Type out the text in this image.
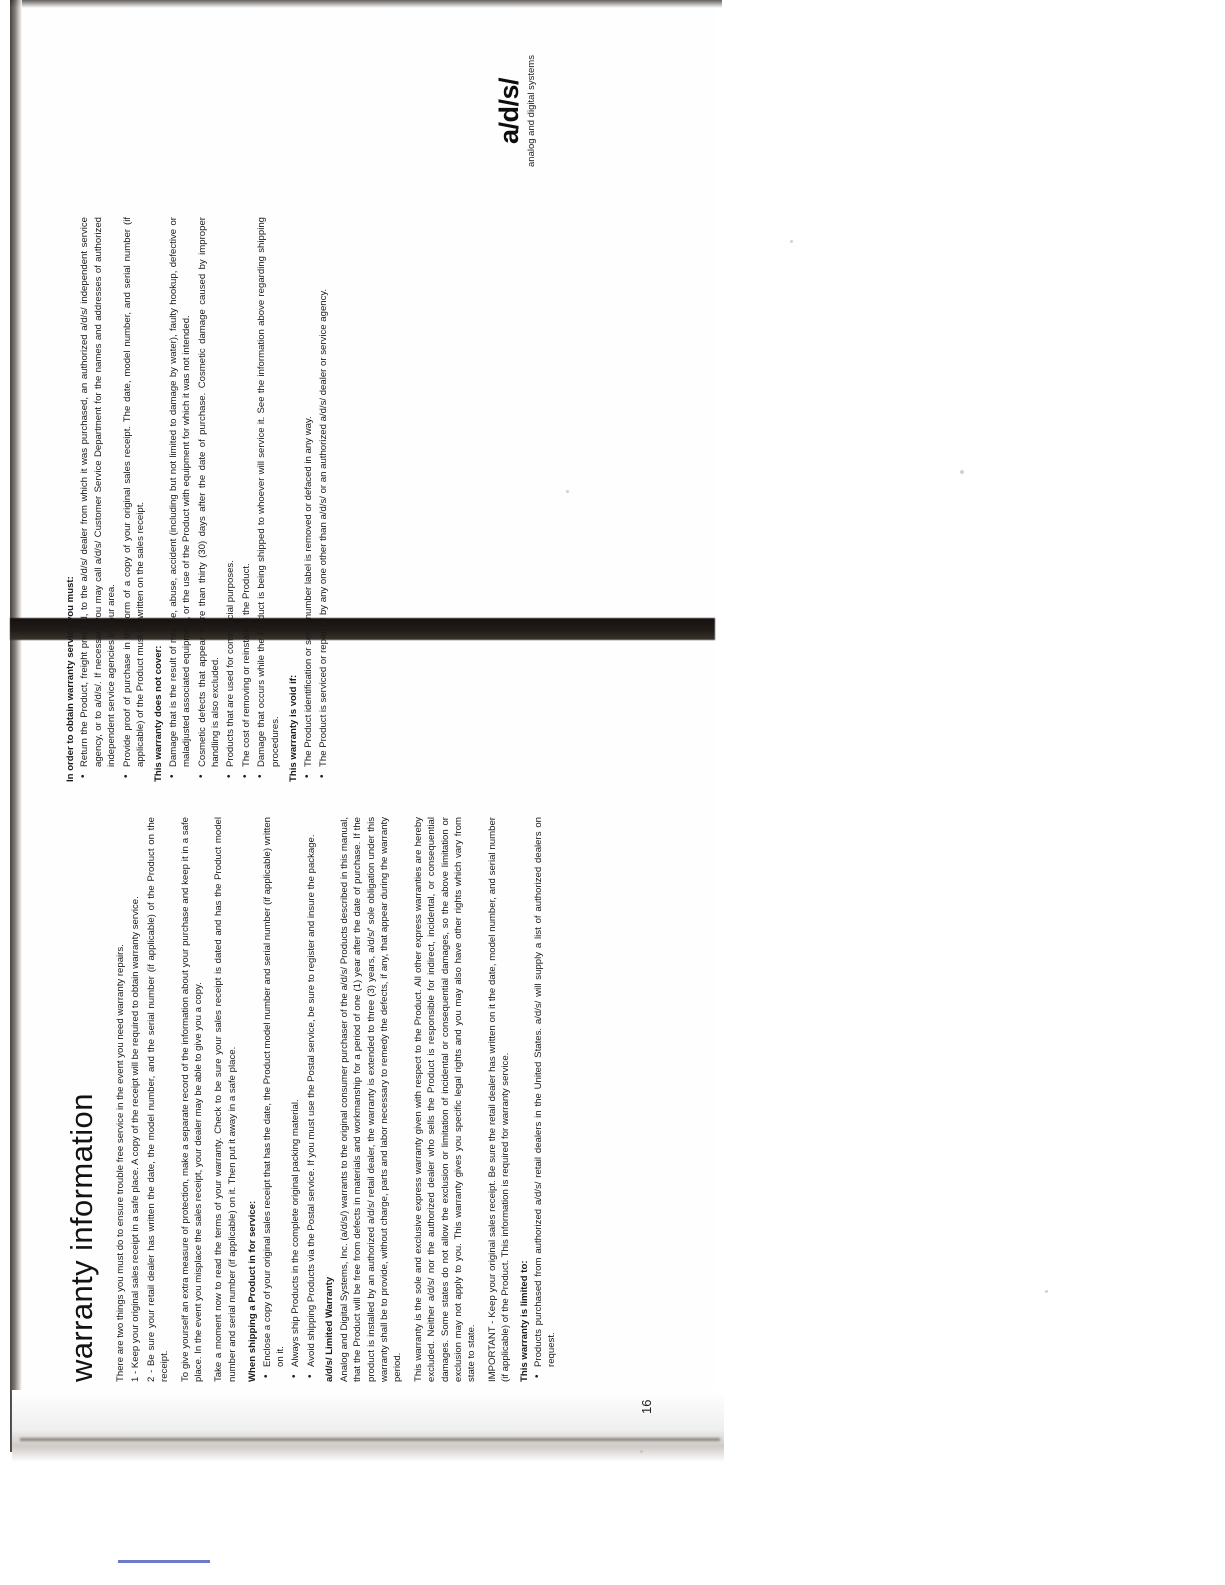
warranty information
16

There are two things you must do to ensure trouble free service in the event you need warranty repairs. 1 - Keep your original sales receipt in a safe place. A copy of the receipt will be required to obtain warranty service. 2 - Be sure your retail dealer has written the date, the model number, and the serial number (if applicable) of the Product on the receipt. To give yourself an extra measure of protection, make a separate record of the information about your purchase and keep it in a safe place. In the event you misplace the sales receipt, your dealer may be able to give you a copy. Take a moment now to read the terms of your warranty. Check to be sure your sales receipt is dated and has the Product model number and serial number (if applicable) on it. Then put it away in a safe place. When shipping a Product in for service: • Enclose a copy of your original sales receipt that has the date, the Product model number and serial number (if applicable) written on it. • Always ship Products in the complete original packing material. • Avoid shipping Products via the Postal service. If you must use the Postal service, be sure to register and insure the package. a/d/s/ Limited Warranty Analog and Digital Systems, Inc. (a/d/s/) warrants to the original consumer purchaser of the a/d/s/ Products described in this manual, that the Product will be free from defects in materials and workmanship for a period of one (1) year after the date of purchase. If the product is installed by an authorized a/d/s/ retail dealer, the warranty is extended to three (3) years, a/d/s/' sole obligation under this warranty shall be to provide, without charge, parts and labor necessary to remedy the defects, if any, that appear during the warranty period. This warranty is the sole and exclusive express warranty given with respect to the Product. All other express warranties are hereby excluded. Neither a/d/s/ nor the authorized dealer who sells the Product is responsible for indirect, incidental, or consequential damages. Some states do not allow the exclusion or limitation of incidental or consequential damages, so the above limitation or exclusion may not apply to you. This warranty gives you specific legal rights and you may also have other rights which vary from state to state. IMPORTANT - Keep your original sales receipt. Be sure the retail dealer has written on it the date, model number, and serial number (if applicable) of the Product. This information is required for warranty service. This warranty is limited to: • Products purchased from authorized a/d/s/ retail dealers in the United States. a/d/s/ will supply a list of authorized dealers on request.

In order to obtain warranty service you must: • Return the Product, freight prepaid, to the a/d/s/ dealer from which it was purchased, an authorized a/d/s/ independent service agency, or to a/d/s/. If necessary you may call a/d/s/ Customer Service Department for the names and addresses of authorized independent service agencies in your area. • Provide proof of purchase in the form of a copy of your original sales receipt. The date, model number, and serial number (if applicable) of the Product must be written on the sales receipt. This warranty does not cover: • Damage that is the result of misuse, abuse, accident (including but not limited to damage by water), faulty hookup, defective or maladjusted associated equipment, or the use of the Product with equipment for which it was not intended. • Cosmetic defects that appear more than thirty (30) days after the date of purchase. Cosmetic damage caused by improper handling is also excluded. • Products that are used for commercial purposes. • The cost of removing or reinstalling the Product. • Damage that occurs while the Product is being shipped to whoever will service it. See the information above regarding shipping procedures. This warranty is void if: • The Product identification or serial number label is removed or defaced in any way. • The Product is serviced or repaired by any one other than a/d/s/ or an authorized a/d/s/ dealer or service agency.
a/d/s/ analog and digital systems
